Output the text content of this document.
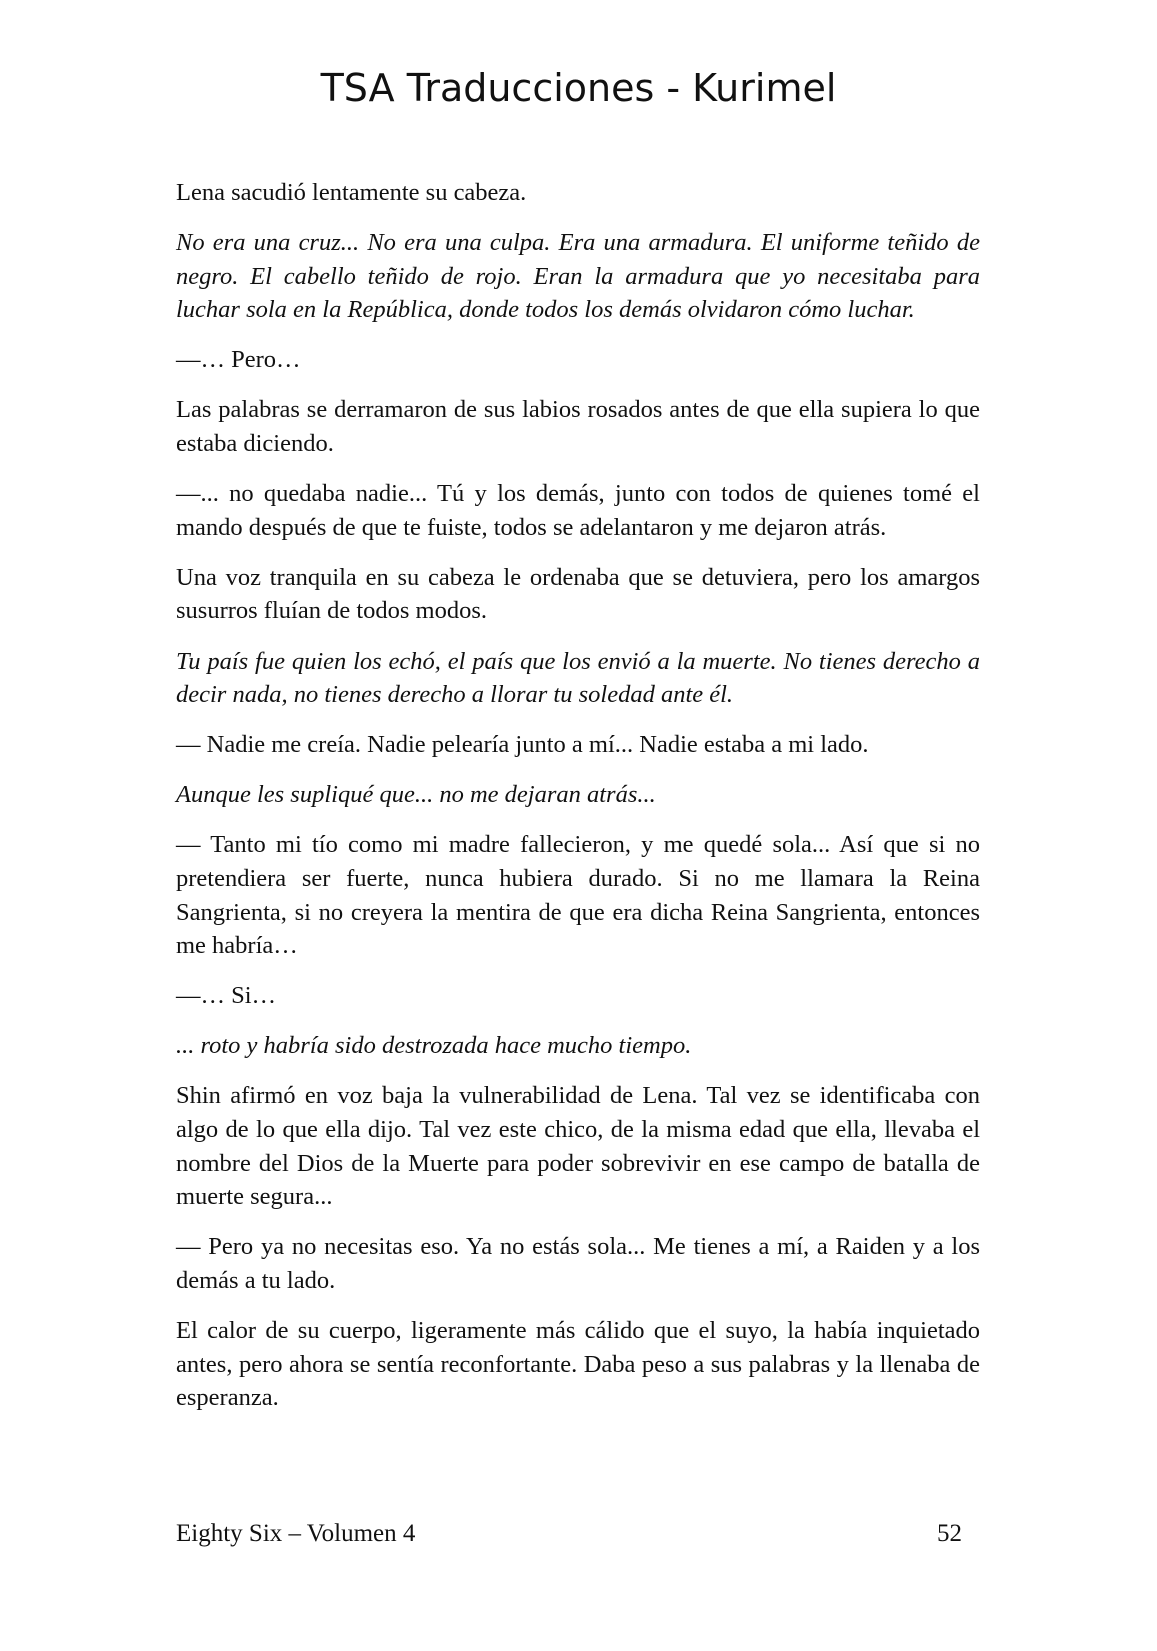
TSA Traducciones - Kurimel

Lena sacudió lentamente su cabeza.

No era una cruz... No era una culpa. Era una armadura. El uniforme teñido de negro. El cabello teñido de rojo. Eran la armadura que yo necesitaba para luchar sola en la República, donde todos los demás olvidaron cómo luchar.

—… Pero…

Las palabras se derramaron de sus labios rosados antes de que ella supiera lo que estaba diciendo.

—... no quedaba nadie... Tú y los demás, junto con todos de quienes tomé el mando después de que te fuiste, todos se adelantaron y me dejaron atrás.

Una voz tranquila en su cabeza le ordenaba que se detuviera, pero los amargos susurros fluían de todos modos.

Tu país fue quien los echó, el país que los envió a la muerte. No tienes derecho a decir nada, no tienes derecho a llorar tu soledad ante él.

— Nadie me creía. Nadie pelearía junto a mí... Nadie estaba a mi lado.

Aunque les supliqué que... no me dejaran atrás...

— Tanto mi tío como mi madre fallecieron, y me quedé sola... Así que si no pretendiera ser fuerte, nunca hubiera durado. Si no me llamara la Reina Sangrienta, si no creyera la mentira de que era dicha Reina Sangrienta, entonces me habría…

—… Si…

... roto y habría sido destrozada hace mucho tiempo.

Shin afirmó en voz baja la vulnerabilidad de Lena. Tal vez se identificaba con algo de lo que ella dijo. Tal vez este chico, de la misma edad que ella, llevaba el nombre del Dios de la Muerte para poder sobrevivir en ese campo de batalla de muerte segura...

— Pero ya no necesitas eso. Ya no estás sola... Me tienes a mí, a Raiden y a los demás a tu lado.

El calor de su cuerpo, ligeramente más cálido que el suyo, la había inquietado antes, pero ahora se sentía reconfortante. Daba peso a sus palabras y la llenaba de esperanza.

Eighty Six – Volumen 4	52
